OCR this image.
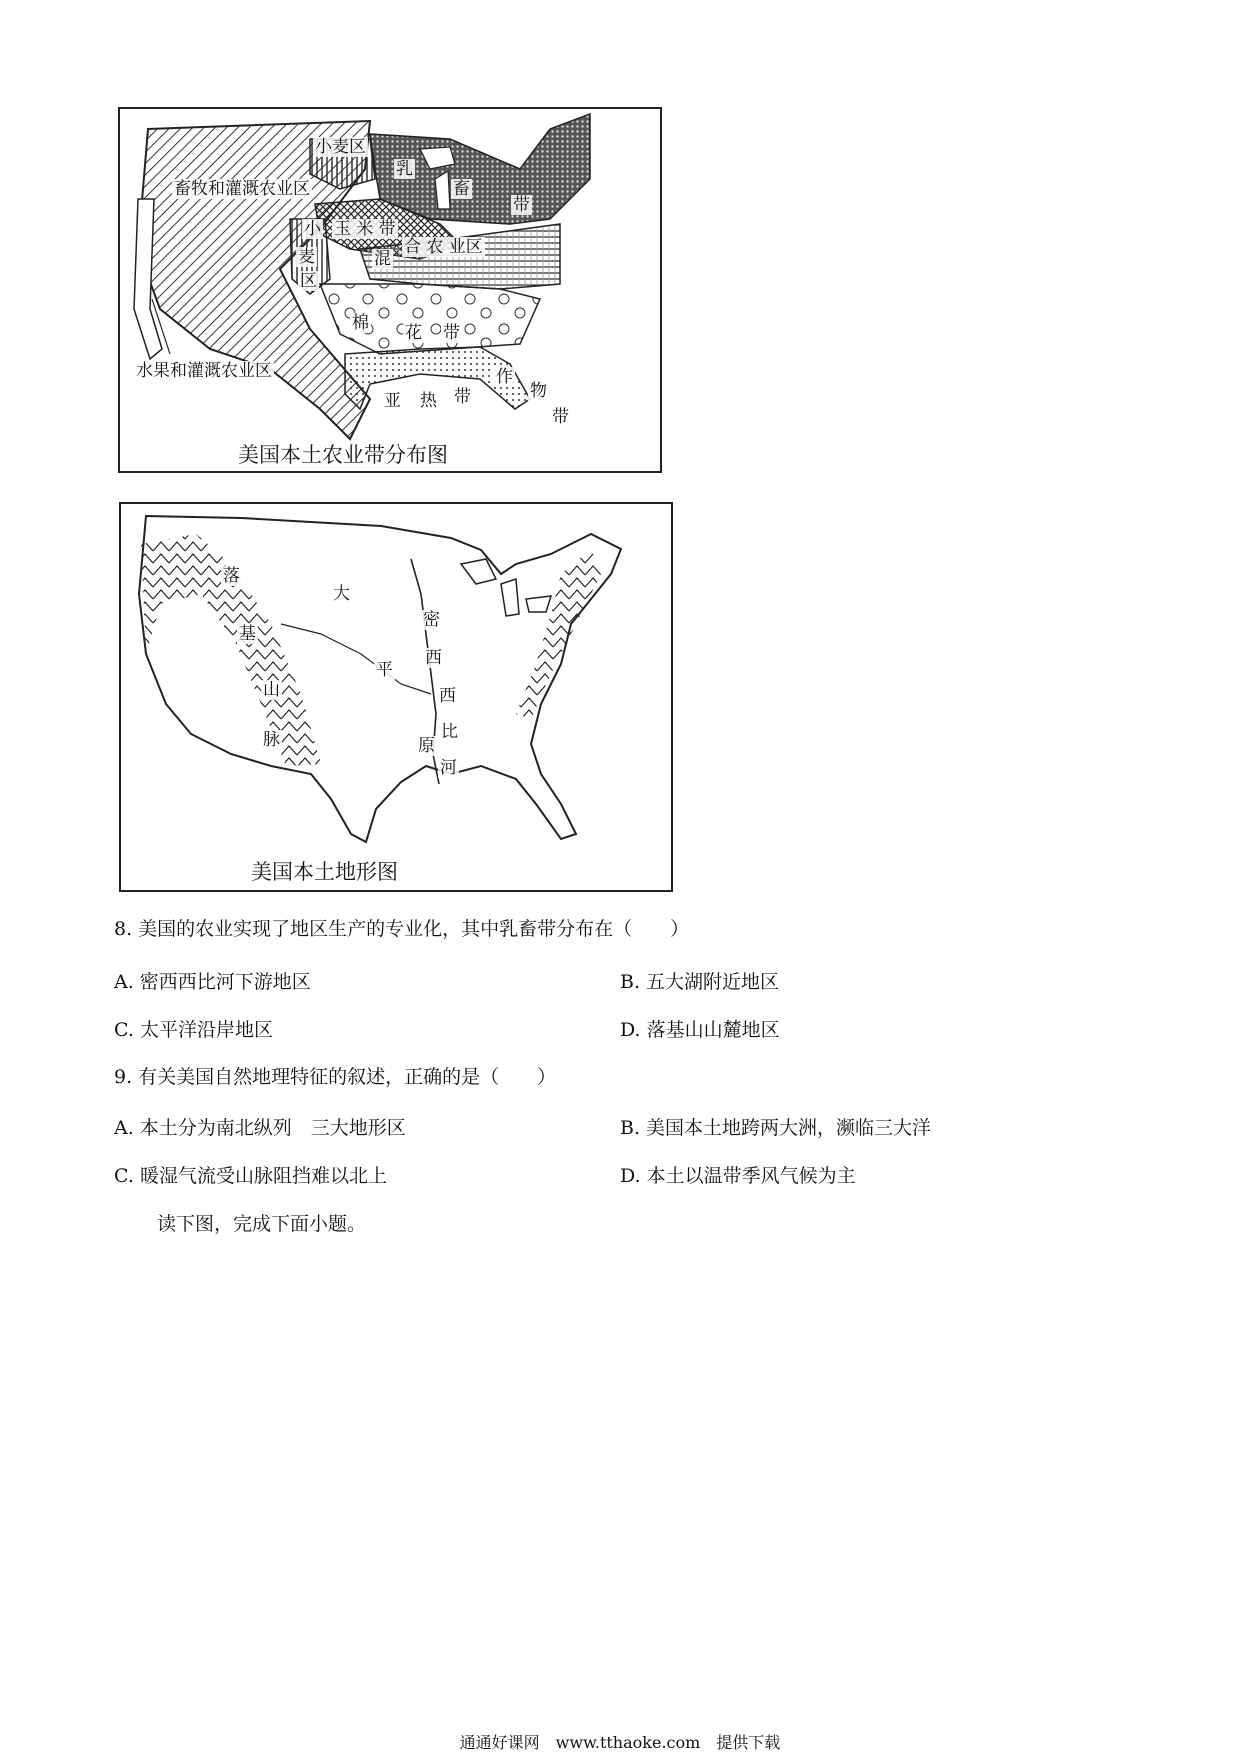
小麦区
畜牧和灌溉农业区
乳
畜
带
小
麦
区
玉 米 带
混
合 农 业区
棉 花 带
水果和灌溉农业区
亚 热 带
作
物
带
美国本土农业带分布图
落
基
山
脉
大
平
原
密
西
西
比
河
美国本土地形图
8. 美国的农业实现了地区生产的专业化，其中乳畜带分布在（　　）
A. 密西西比河下游地区	B. 五大湖附近地区
C. 太平洋沿岸地区	D. 落基山山麓地区
9. 有关美国自然地理特征的叙述，正确的是（　　）
A. 本土分为南北纵列　三大地形区	B. 美国本土地跨两大洲，濒临三大洋
C. 暖湿气流受山脉阻挡难以北上	D. 本土以温带季风气候为主
读下图，完成下面小题。
通通好课网　www.tthaoke.com　提供下载
